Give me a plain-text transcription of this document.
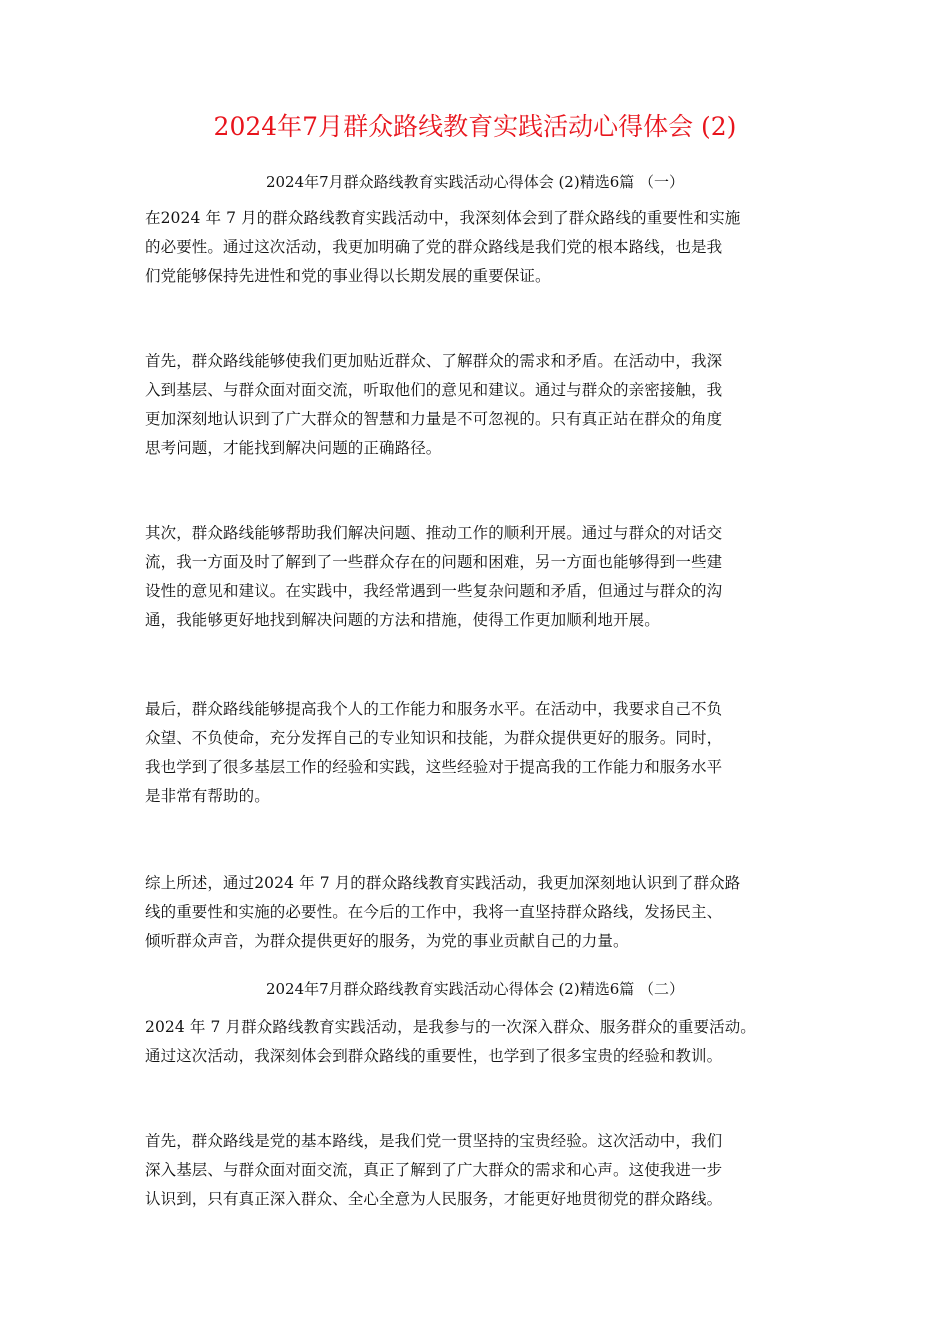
2024年7月群众路线教育实践活动心得体会 (2)
2024年7月群众路线教育实践活动心得体会 (2)精选6篇 （一）
在2024 年 7 月的群众路线教育实践活动中，我深刻体会到了群众路线的重要性和实施
的必要性。通过这次活动，我更加明确了党的群众路线是我们党的根本路线，也是我
们党能够保持先进性和党的事业得以长期发展的重要保证。
首先，群众路线能够使我们更加贴近群众、了解群众的需求和矛盾。在活动中，我深
入到基层、与群众面对面交流，听取他们的意见和建议。通过与群众的亲密接触，我
更加深刻地认识到了广大群众的智慧和力量是不可忽视的。只有真正站在群众的角度
思考问题，才能找到解决问题的正确路径。
其次，群众路线能够帮助我们解决问题、推动工作的顺利开展。通过与群众的对话交
流，我一方面及时了解到了一些群众存在的问题和困难，另一方面也能够得到一些建
设性的意见和建议。在实践中，我经常遇到一些复杂问题和矛盾，但通过与群众的沟
通，我能够更好地找到解决问题的方法和措施，使得工作更加顺利地开展。
最后，群众路线能够提高我个人的工作能力和服务水平。在活动中，我要求自己不负
众望、不负使命，充分发挥自己的专业知识和技能，为群众提供更好的服务。同时，
我也学到了很多基层工作的经验和实践，这些经验对于提高我的工作能力和服务水平
是非常有帮助的。
综上所述，通过2024 年 7 月的群众路线教育实践活动，我更加深刻地认识到了群众路
线的重要性和实施的必要性。在今后的工作中，我将一直坚持群众路线，发扬民主、
倾听群众声音，为群众提供更好的服务，为党的事业贡献自己的力量。
2024年7月群众路线教育实践活动心得体会 (2)精选6篇 （二）
2024 年 7 月群众路线教育实践活动，是我参与的一次深入群众、服务群众的重要活动。
通过这次活动，我深刻体会到群众路线的重要性，也学到了很多宝贵的经验和教训。
首先，群众路线是党的基本路线，是我们党一贯坚持的宝贵经验。这次活动中，我们
深入基层、与群众面对面交流，真正了解到了广大群众的需求和心声。这使我进一步
认识到，只有真正深入群众、全心全意为人民服务，才能更好地贯彻党的群众路线。
